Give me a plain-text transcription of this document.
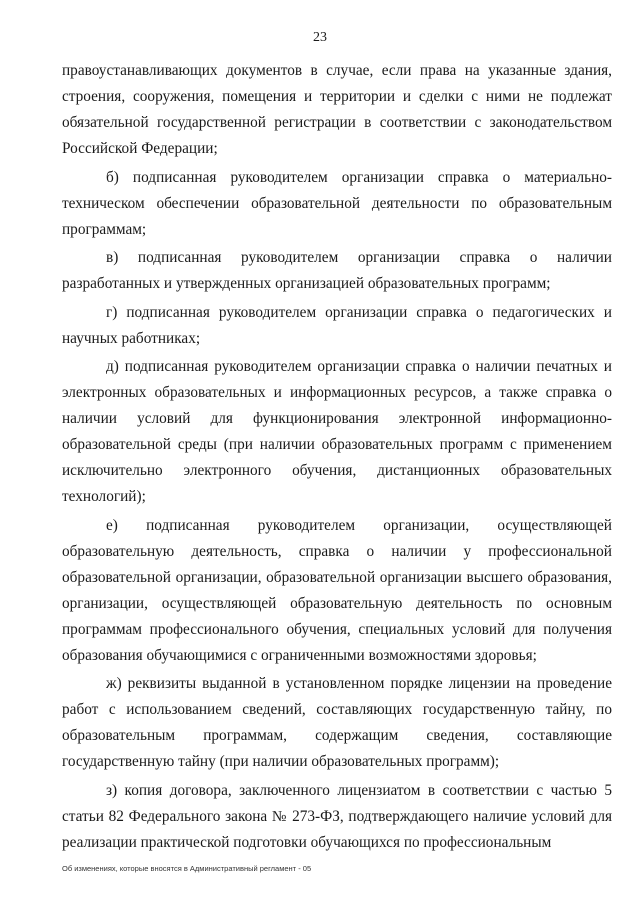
23

правоустанавливающих документов в случае, если права на указанные здания, строения, сооружения, помещения и территории и сделки с ними не подлежат обязательной государственной регистрации в соответствии с законодательством Российской Федерации;

б) подписанная руководителем организации справка о материально-техническом обеспечении образовательной деятельности по образовательным программам;

в) подписанная руководителем организации справка о наличии разработанных и утвержденных организацией образовательных программ;

г) подписанная руководителем организации справка о педагогических и научных работниках;

д) подписанная руководителем организации справка о наличии печатных и электронных образовательных и информационных ресурсов, а также справка о наличии условий для функционирования электронной информационно-образовательной среды (при наличии образовательных программ с применением исключительно электронного обучения, дистанционных образовательных технологий);

е) подписанная руководителем организации, осуществляющей образовательную деятельность, справка о наличии у профессиональной образовательной организации, образовательной организации высшего образования, организации, осуществляющей образовательную деятельность по основным программам профессионального обучения, специальных условий для получения образования обучающимися с ограниченными возможностями здоровья;

ж) реквизиты выданной в установленном порядке лицензии на проведение работ с использованием сведений, составляющих государственную тайну, по образовательным программам, содержащим сведения, составляющие государственную тайну (при наличии образовательных программ);

з) копия договора, заключенного лицензиатом в соответствии с частью 5 статьи 82 Федерального закона № 273-ФЗ, подтверждающего наличие условий для реализации практической подготовки обучающихся по профессиональным

Об изменениях, которые вносятся в Административный регламент - 05
